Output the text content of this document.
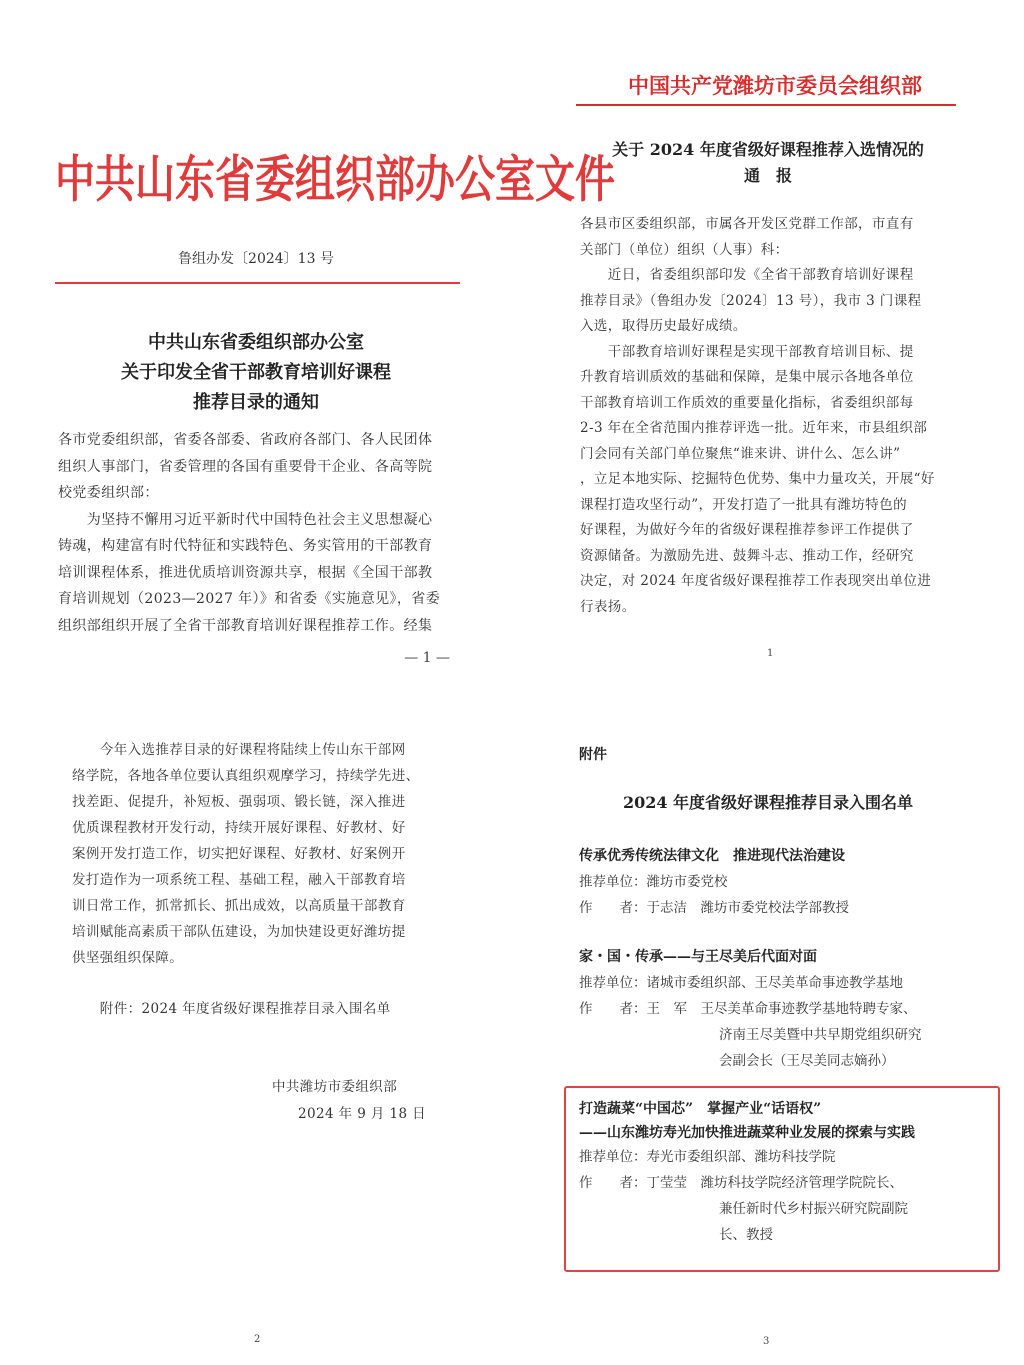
中共山东省委组织部办公室文件
鲁组办发〔2024〕13 号
中共山东省委组织部办公室
关于印发全省干部教育培训好课程
推荐目录的通知
各市党委组织部，省委各部委、省政府各部门、各人民团体
组织人事部门，省委管理的各国有重要骨干企业、各高等院
校党委组织部：
　　为坚持不懈用习近平新时代中国特色社会主义思想凝心
铸魂，构建富有时代特征和实践特色、务实管用的干部教育
培训课程体系，推进优质培训资源共享，根据《全国干部教
育培训规划（2023—2027 年）》和省委《实施意见》，省委
组织部组织开展了全省干部教育培训好课程推荐工作。经集
— 1 —
中国共产党潍坊市委员会组织部
关于 2024 年度省级好课程推荐入选情况的
通　报
各县市区委组织部，市属各开发区党群工作部，市直有
关部门（单位）组织（人事）科：
　　近日，省委组织部印发《全省干部教育培训好课程
推荐目录》（鲁组办发〔2024〕13 号），我市 3 门课程
入选，取得历史最好成绩。
　　干部教育培训好课程是实现干部教育培训目标、提
升教育培训质效的基础和保障，是集中展示各地各单位
干部教育培训工作质效的重要量化指标，省委组织部每
2-3 年在全省范围内推荐评选一批。近年来，市县组织部
门会同有关部门单位聚焦“谁来讲、讲什么、怎么讲”
，立足本地实际、挖掘特色优势、集中力量攻关，开展“好
课程打造攻坚行动”，开发打造了一批具有潍坊特色的
好课程，为做好今年的省级好课程推荐参评工作提供了
资源储备。为激励先进、鼓舞斗志、推动工作，经研究
决定，对 2024 年度省级好课程推荐工作表现突出单位进
行表扬。
1
　　今年入选推荐目录的好课程将陆续上传山东干部网
络学院，各地各单位要认真组织观摩学习，持续学先进、
找差距、促提升，补短板、强弱项、锻长链，深入推进
优质课程教材开发行动，持续开展好课程、好教材、好
案例开发打造工作，切实把好课程、好教材、好案例开
发打造作为一项系统工程、基础工程，融入干部教育培
训日常工作，抓常抓长、抓出成效，以高质量干部教育
培训赋能高素质干部队伍建设，为加快建设更好潍坊提
供坚强组织保障。
　　附件：2024 年度省级好课程推荐目录入围名单
中共潍坊市委组织部
2024 年 9 月 18 日
2
附件
2024 年度省级好课程推荐目录入围名单
传承优秀传统法律文化　推进现代法治建设
推荐单位：潍坊市委党校
作　　者：于志洁　潍坊市委党校法学部教授
家・国・传承——与王尽美后代面对面
推荐单位：诸城市委组织部、王尽美革命事迹教学基地
作　　者：王　军　王尽美革命事迹教学基地特聘专家、
济南王尽美暨中共早期党组织研究
会副会长（王尽美同志嫡孙）
打造蔬菜“中国芯”　掌握产业“话语权”
——山东潍坊寿光加快推进蔬菜种业发展的探索与实践
推荐单位：寿光市委组织部、潍坊科技学院
作　　者：丁莹莹　潍坊科技学院经济管理学院院长、
兼任新时代乡村振兴研究院副院
长、教授
3
